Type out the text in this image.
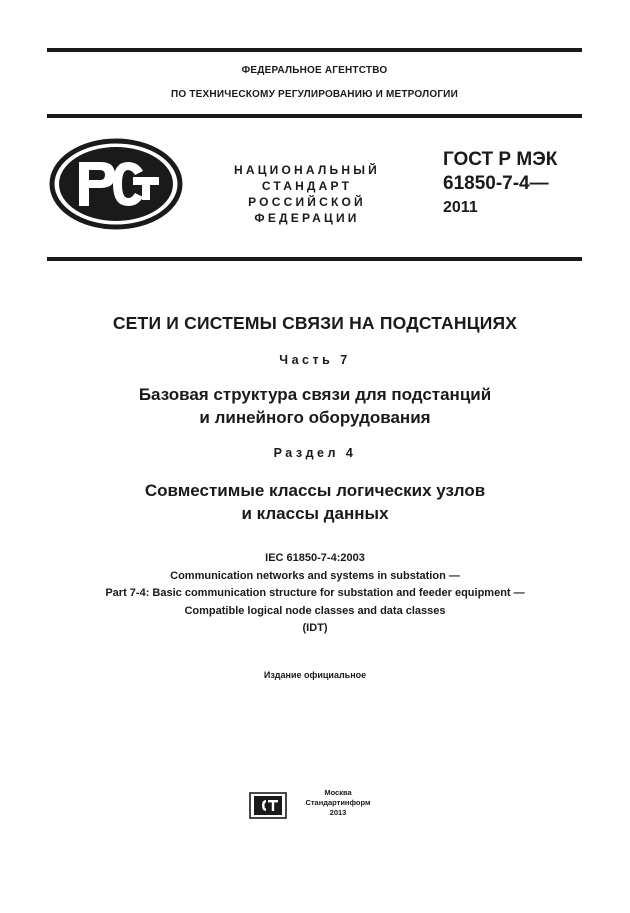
ФЕДЕРАЛЬНОЕ АГЕНТСТВО
ПО ТЕХНИЧЕСКОМУ РЕГУЛИРОВАНИЮ И МЕТРОЛОГИИ
НАЦИОНАЛЬНЫЙ
СТАНДАРТ
РОССИЙСКОЙ
ФЕДЕРАЦИИ
ГОСТ Р МЭК
61850-7-4—
2011
СЕТИ И СИСТЕМЫ СВЯЗИ НА ПОДСТАНЦИЯХ
Часть 7
Базовая структура связи для подстанций
и линейного оборудования
Раздел 4
Совместимые классы логических узлов
и классы данных
IEC 61850-7-4:2003
Communication networks and systems in substation —
Part 7-4: Basic communication structure for substation and feeder equipment —
Compatible logical node classes and data classes
(IDT)
Издание официальное
Москва
Стандартинформ
2013
